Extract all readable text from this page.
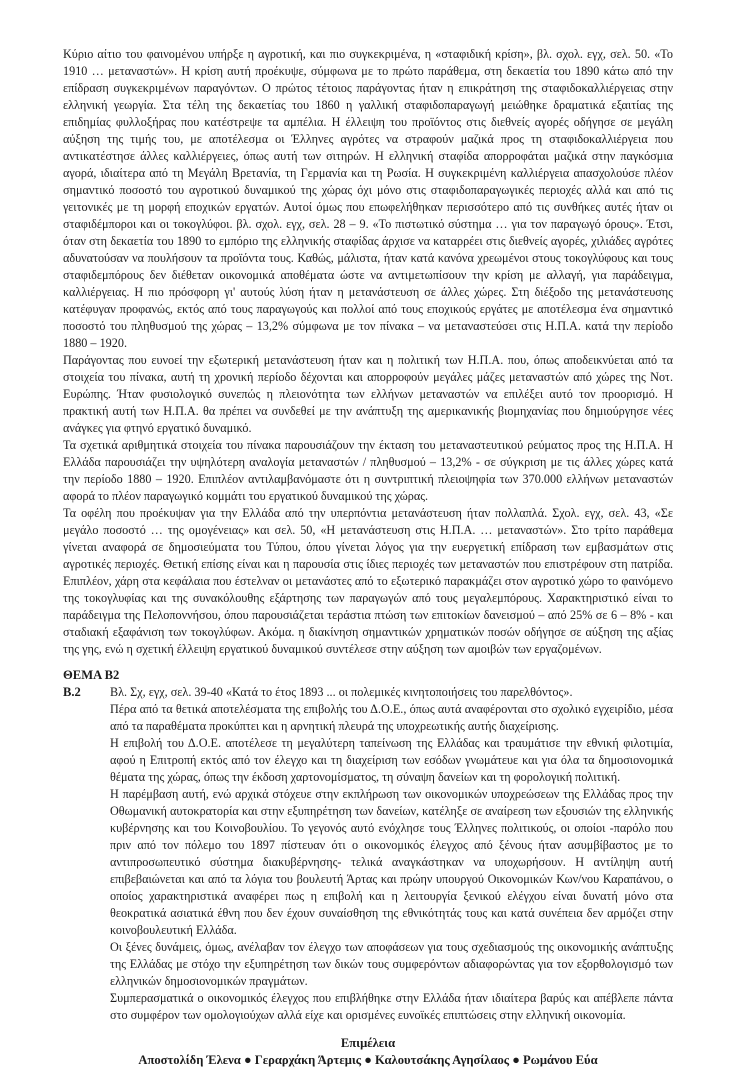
Κύριο αίτιο του φαινομένου υπήρξε η αγροτική, και πιο συγκεκριμένα, η «σταφιδική κρίση», βλ. σχολ. εγχ, σελ. 50. «Το 1910 … μεταναστών». Η κρίση αυτή προέκυψε, σύμφωνα με το πρώτο παράθεμα, στη δεκαετία του 1890 κάτω από την επίδραση συγκεκριμένων παραγόντων. Ο πρώτος τέτοιος παράγοντας ήταν η επικράτηση της σταφιδοκαλλιέργειας στην ελληνική γεωργία. Στα τέλη της δεκαετίας του 1860 η γαλλική σταφιδοπαραγωγή μειώθηκε δραματικά εξαιτίας της επιδημίας φυλλοξήρας που κατέστρεψε τα αμπέλια. Η έλλειψη του προϊόντος στις διεθνείς αγορές οδήγησε σε μεγάλη αύξηση της τιμής του, με αποτέλεσμα οι Έλληνες αγρότες να στραφούν μαζικά προς τη σταφιδοκαλλιέργεια που αντικατέστησε άλλες καλλιέργειες, όπως αυτή των σιτηρών. Η ελληνική σταφίδα απορροφάται μαζικά στην παγκόσμια αγορά, ιδιαίτερα από τη Μεγάλη Βρετανία, τη Γερμανία και τη Ρωσία. Η συγκεκριμένη καλλιέργεια απασχολούσε πλέον σημαντικό ποσοστό του αγροτικού δυναμικού της χώρας όχι μόνο στις σταφιδοπαραγωγικές περιοχές αλλά και από τις γειτονικές με τη μορφή εποχικών εργατών. Αυτοί όμως που επωφελήθηκαν περισσότερο από τις συνθήκες αυτές ήταν οι σταφιδέμποροι και οι τοκογλύφοι. βλ. σχολ. εγχ, σελ. 28 – 9. «Το πιστωτικό σύστημα … για τον παραγωγό όρους». Έτσι, όταν στη δεκαετία του 1890 το εμπόριο της ελληνικής σταφίδας άρχισε να καταρρέει στις διεθνείς αγορές, χιλιάδες αγρότες αδυνατούσαν να πουλήσουν τα προϊόντα τους. Καθώς, μάλιστα, ήταν κατά κανόνα χρεωμένοι στους τοκογλύφους και τους σταφιδεμπόρους δεν διέθεταν οικονομικά αποθέματα ώστε να αντιμετωπίσουν την κρίση με αλλαγή, για παράδειγμα, καλλιέργειας. Η πιο πρόσφορη γι' αυτούς λύση ήταν η μετανάστευση σε άλλες χώρες. Στη διέξοδο της μετανάστευσης κατέφυγαν προφανώς, εκτός από τους παραγωγούς και πολλοί από τους εποχικούς εργάτες με αποτέλεσμα ένα σημαντικό ποσοστό του πληθυσμού της χώρας – 13,2% σύμφωνα με τον πίνακα – να μεταναστεύσει στις Η.Π.Α. κατά την περίοδο 1880 – 1920.

Παράγοντας που ευνοεί την εξωτερική μετανάστευση ήταν και η πολιτική των Η.Π.Α. που, όπως αποδεικνύεται από τα στοιχεία του πίνακα, αυτή τη χρονική περίοδο δέχονται και απορροφούν μεγάλες μάζες μεταναστών από χώρες της Νοτ. Ευρώπης. Ήταν φυσιολογικό συνεπώς η πλειονότητα των ελλήνων μεταναστών να επιλέξει αυτό τον προορισμό. Η πρακτική αυτή των Η.Π.Α. θα πρέπει να συνδεθεί με την ανάπτυξη της αμερικανικής βιομηχανίας που δημιούργησε νέες ανάγκες για φτηνό εργατικό δυναμικό.

Τα σχετικά αριθμητικά στοιχεία του πίνακα παρουσιάζουν την έκταση του μεταναστευτικού ρεύματος προς της Η.Π.Α. Η Ελλάδα παρουσιάζει την υψηλότερη αναλογία μεταναστών / πληθυσμού – 13,2% - σε σύγκριση με τις άλλες χώρες κατά την περίοδο 1880 – 1920. Επιπλέον αντιλαμβανόμαστε ότι η συντριπτική πλειοψηφία των 370.000 ελλήνων μεταναστών αφορά το πλέον παραγωγικό κομμάτι του εργατικού δυναμικού της χώρας.

Τα οφέλη που προέκυψαν για την Ελλάδα από την υπερπόντια μετανάστευση ήταν πολλαπλά. Σχολ. εγχ, σελ. 43, «Σε μεγάλο ποσοστό … της ομογένειας» και σελ. 50, «Η μετανάστευση στις Η.Π.Α. … μεταναστών». Στο τρίτο παράθεμα γίνεται αναφορά σε δημοσιεύματα του Τύπου, όπου γίνεται λόγος για την ευεργετική επίδραση των εμβασμάτων στις αγροτικές περιοχές. Θετική επίσης είναι και η παρουσία στις ίδιες περιοχές των μεταναστών που επιστρέφουν στη πατρίδα. Επιπλέον, χάρη στα κεφάλαια που έστελναν οι μετανάστες από το εξωτερικό παρακμάζει στον αγροτικό χώρο το φαινόμενο της τοκογλυφίας και της συνακόλουθης εξάρτησης των παραγωγών από τους μεγαλεμπόρους. Χαρακτηριστικό είναι το παράδειγμα της Πελοποννήσου, όπου παρουσιάζεται τεράστια πτώση των επιτοκίων δανεισμού – από 25% σε 6 – 8% - και σταδιακή εξαφάνιση των τοκογλύφων. Ακόμα. η διακίνηση σημαντικών χρηματικών ποσών οδήγησε σε αύξηση της αξίας της γης, ενώ η σχετική έλλειψη εργατικού δυναμικού συντέλεσε στην αύξηση των αμοιβών των εργαζομένων.

ΘΕΜΑ Β2
Β.2 Βλ. Σχ, εγχ, σελ. 39-40 «Κατά το έτος 1893 ... οι πολεμικές κινητοποιήσεις του παρελθόντος».

Πέρα από τα θετικά αποτελέσματα της επιβολής του Δ.Ο.Ε., όπως αυτά αναφέρονται στο σχολικό εγχειρίδιο, μέσα από τα παραθέματα προκύπτει και η αρνητική πλευρά της υποχρεωτικής αυτής διαχείρισης.

Η επιβολή του Δ.Ο.Ε. αποτέλεσε τη μεγαλύτερη ταπείνωση της Ελλάδας και τραυμάτισε την εθνική φιλοτιμία, αφού η Επιτροπή εκτός από τον έλεγχο και τη διαχείριση των εσόδων γνωμάτευε και για όλα τα δημοσιονομικά θέματα της χώρας, όπως την έκδοση χαρτονομίσματος, τη σύναψη δανείων και τη φορολογική πολιτική.

Η παρέμβαση αυτή, ενώ αρχικά στόχευε στην εκπλήρωση των οικονομικών υποχρεώσεων της Ελλάδας προς την Οθωμανική αυτοκρατορία και στην εξυπηρέτηση των δανείων, κατέληξε σε αναίρεση των εξουσιών της ελληνικής κυβέρνησης και του Κοινοβουλίου. Το γεγονός αυτό ενόχλησε τους Έλληνες πολιτικούς, οι οποίοι -παρόλο που πριν από τον πόλεμο του 1897 πίστευαν ότι ο οικονομικός έλεγχος από ξένους ήταν ασυμβίβαστος με το αντιπροσωπευτικό σύστημα διακυβέρνησης- τελικά αναγκάστηκαν να υποχωρήσουν. Η αντίληψη αυτή επιβεβαιώνεται και από τα λόγια του βουλευτή Άρτας και πρώην υπουργού Οικονομικών Κων/νου Καραπάνου, ο οποίος χαρακτηριστικά αναφέρει πως η επιβολή και η λειτουργία ξενικού ελέγχου είναι δυνατή μόνο στα θεοκρατικά ασιατικά έθνη που δεν έχουν συναίσθηση της εθνικότητάς τους και κατά συνέπεια δεν αρμόζει στην κοινοβουλευτική Ελλάδα.

Οι ξένες δυνάμεις, όμως, ανέλαβαν τον έλεγχο των αποφάσεων για τους σχεδιασμούς της οικονομικής ανάπτυξης της Ελλάδας με στόχο την εξυπηρέτηση των δικών τους συμφερόντων αδιαφορώντας για τον εξορθολογισμό των ελληνικών δημοσιονομικών πραγμάτων.

Συμπερασματικά ο οικονομικός έλεγχος που επιβλήθηκε στην Ελλάδα ήταν ιδιαίτερα βαρύς και απέβλεπε πάντα στο συμφέρον των ομολογιούχων αλλά είχε και ορισμένες ευνοϊκές επιπτώσεις στην ελληνική οικονομία.

Επιμέλεια

Αποστολίδη Έλενα ● Γεραρχάκη Άρτεμις ● Καλουτσάκης Αγησίλαος ● Ρωμάνου Εύα
